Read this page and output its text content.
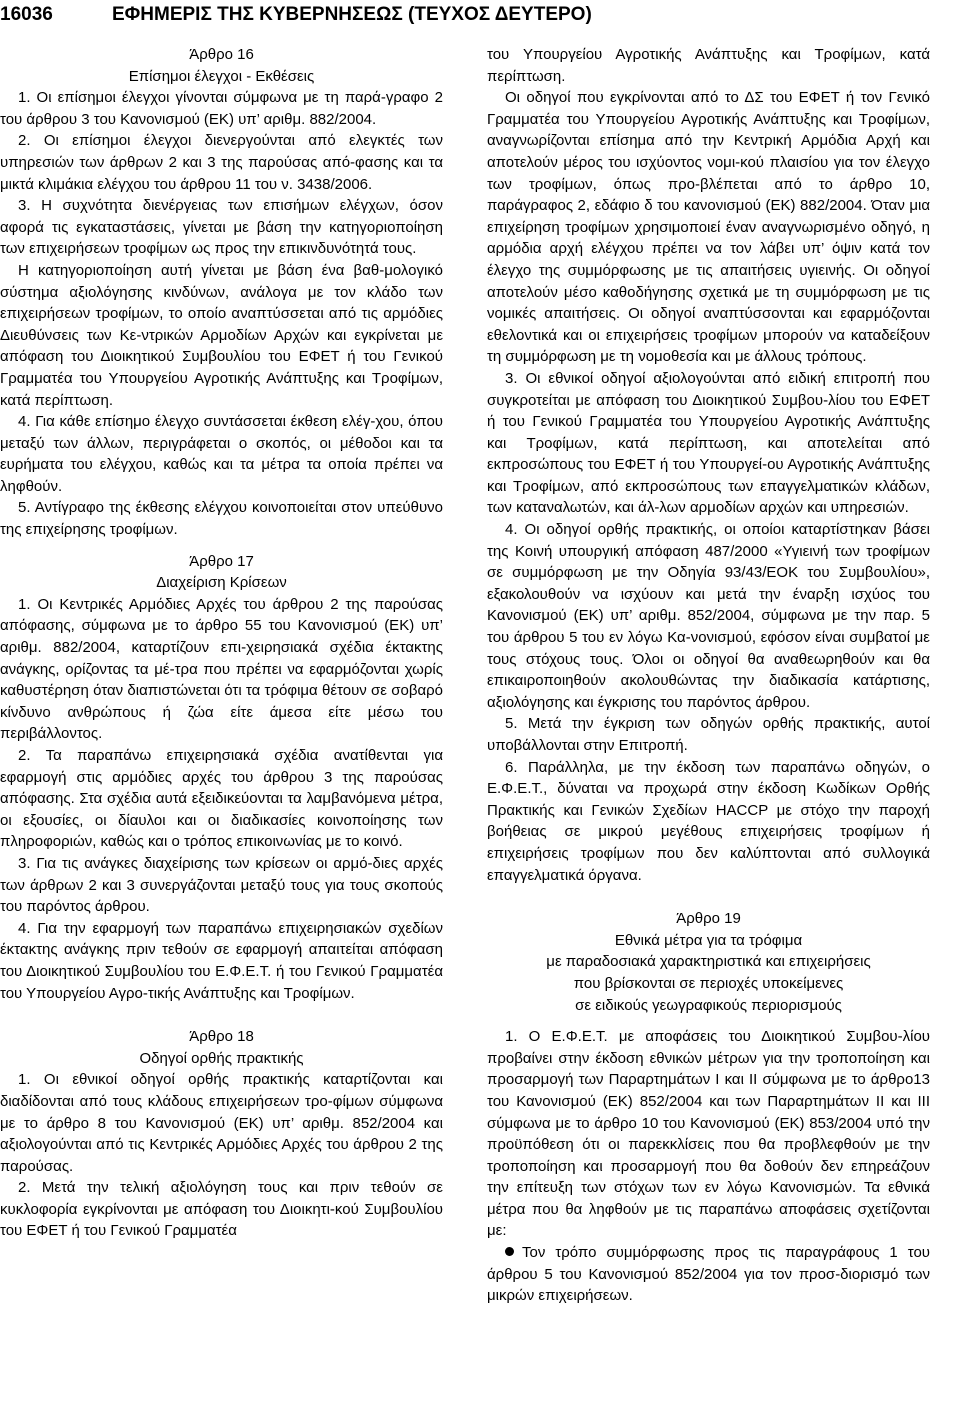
16036	ΕΦΗΜΕΡΙΣ ΤΗΣ ΚΥΒΕΡΝΗΣΕΩΣ (ΤΕΥΧΟΣ ΔΕΥΤΕΡΟ)
Άρθρο 16
Επίσημοι έλεγχοι - Εκθέσεις

1. Οι επίσημοι έλεγχοι γίνονται σύμφωνα με τη παρά-γραφο 2 του άρθρου 3 του Κανονισμού (ΕΚ) υπ’ αριθμ. 882/2004.

2. Οι επίσημοι έλεγχοι διενεργούνται από ελεγκτές των υπηρεσιών των άρθρων 2 και 3 της παρούσας από-φασης και τα μικτά κλιμάκια ελέγχου του άρθρου 11 του ν. 3438/2006.

3. Η συχνότητα διενέργειας των επισήμων ελέγχων, όσον αφορά τις εγκαταστάσεις, γίνεται με βάση την κατηγοριοποίηση των επιχειρήσεων τροφίμων ως προς την επικινδυνότητά τους.

Η κατηγοριοποίηση αυτή γίνεται με βάση ένα βαθ-μολογικό σύστημα αξιολόγησης κινδύνων, ανάλογα με τον κλάδο των επιχειρήσεων τροφίμων, το οποίο αναπτύσσεται από τις αρμόδιες Διευθύνσεις των Κε-ντρικών Αρμοδίων Αρχών και εγκρίνεται με απόφαση του Διοικητικού Συμβουλίου του ΕΦΕΤ ή του Γενικού Γραμματέα του Υπουργείου Αγροτικής Ανάπτυξης και Τροφίμων, κατά περίπτωση.

4. Για κάθε επίσημο έλεγχο συντάσσεται έκθεση ελέγ-χου, όπου μεταξύ των άλλων, περιγράφεται ο σκοπός, οι μέθοδοι και τα ευρήματα του ελέγχου, καθώς και τα μέτρα τα οποία πρέπει να ληφθούν.

5. Αντίγραφο της έκθεσης ελέγχου κοινοποιείται στον υπεύθυνο της επιχείρησης τροφίμων.

Άρθρο 17
Διαχείριση Κρίσεων

1. Οι Κεντρικές Αρμόδιες Αρχές του άρθρου 2 της παρούσας απόφασης, σύμφωνα με το άρθρο 55 του Κανονισμού (ΕΚ) υπ’ αριθμ. 882/2004, καταρτίζουν επι-χειρησιακά σχέδια έκτακτης ανάγκης, ορίζοντας τα μέ-τρα που πρέπει να εφαρμόζονται χωρίς καθυστέρηση όταν διαπιστώνεται ότι τα τρόφιμα θέτουν σε σοβαρό κίνδυνο ανθρώπους ή ζώα είτε άμεσα είτε μέσω του περιβάλλοντος.

2. Τα παραπάνω επιχειρησιακά σχέδια ανατίθενται για εφαρμογή στις αρμόδιες αρχές του άρθρου 3 της παρούσας απόφασης. Στα σχέδια αυτά εξειδικεύονται τα λαμβανόμενα μέτρα, οι εξουσίες, οι δίαυλοι και οι διαδικασίες κοινοποίησης των πληροφοριών, καθώς και ο τρόπος επικοινωνίας με το κοινό.

3. Για τις ανάγκες διαχείρισης των κρίσεων οι αρμό-διες αρχές των άρθρων 2 και 3 συνεργάζονται μεταξύ τους για τους σκοπούς του παρόντος άρθρου.

4. Για την εφαρμογή των παραπάνω επιχειρησιακών σχεδίων έκτακτης ανάγκης πριν τεθούν σε εφαρμογή απαιτείται απόφαση του Διοικητικού Συμβουλίου του Ε.Φ.Ε.Τ. ή του Γενικού Γραμματέα του Υπουργείου Αγρο-τικής Ανάπτυξης και Τροφίμων.

Άρθρο 18
Οδηγοί ορθής πρακτικής

1. Οι εθνικοί οδηγοί ορθής πρακτικής καταρτίζονται και διαδίδονται από τους κλάδους επιχειρήσεων τρο-φίμων σύμφωνα με το άρθρο 8 του Κανονισμού (ΕΚ) υπ’ αριθμ. 852/2004 και αξιολογούνται από τις Κεντρικές Αρμόδιες Αρχές του άρθρου 2 της παρούσας.

2. Μετά την τελική αξιολόγηση τους και πριν τεθούν σε κυκλοφορία εγκρίνονται με απόφαση του Διοικητι-κού Συμβουλίου του ΕΦΕΤ ή του Γενικού Γραμματέα

του Υπουργείου Αγροτικής Ανάπτυξης και Τροφίμων, κατά περίπτωση.

Οι οδηγοί που εγκρίνονται από το ΔΣ του ΕΦΕΤ ή τον Γενικό Γραμματέα του Υπουργείου Αγροτικής Ανάπτυξης και Τροφίμων, αναγνωρίζονται επίσημα από την Κεντρική Αρμόδια Αρχή και αποτελούν μέρος του ισχύοντος νομι-κού πλαισίου για τον έλεγχο των τροφίμων, όπως προ-βλέπεται από το άρθρο 10, παράγραφος 2, εδάφιο δ του κανονισμού (ΕΚ) 882/2004. Όταν μια επιχείρηση τροφίμων χρησιμοποιεί έναν αναγνωρισμένο οδηγό, η αρμόδια αρχή ελέγχου πρέπει να τον λάβει υπ’ όψιν κατά τον έλεγχο της συμμόρφωσης με τις απαιτήσεις υγιεινής. Οι οδηγοί αποτελούν μέσο καθοδήγησης σχετικά με τη συμμόρφωση με τις νομικές απαιτήσεις. Οι οδηγοί αναπτύσσονται και εφαρμόζονται εθελοντικά και οι επιχειρήσεις τροφίμων μπορούν να καταδείξουν τη συμμόρφωση με τη νομοθεσία και με άλλους τρόπους.

3. Οι εθνικοί οδηγοί αξιολογούνται από ειδική επιτροπή που συγκροτείται με απόφαση του Διοικητικού Συμβου-λίου του ΕΦΕΤ ή του Γενικού Γραμματέα του Υπουργείου Αγροτικής Ανάπτυξης και Τροφίμων, κατά περίπτωση, και αποτελείται από εκπροσώπους του ΕΦΕΤ ή του Υπουργεί-ου Αγροτικής Ανάπτυξης και Τροφίμων, από εκπροσώπους των επαγγελματικών κλάδων, των καταναλωτών, και άλ-λων αρμοδίων αρχών και υπηρεσιών.

4. Οι οδηγοί ορθής πρακτικής, οι οποίοι καταρτίστηκαν βάσει της Κοινή υπουργική απόφαση 487/2000 «Υγιεινή των τροφίμων σε συμμόρφωση με την Οδηγία 93/43/ΕΟΚ του Συμβουλίου», εξακολουθούν να ισχύουν και μετά την έναρξη ισχύος του Κανονισμού (ΕΚ) υπ’ αριθμ. 852/2004, σύμφωνα με την παρ. 5 του άρθρου 5 του εν λόγω Κα-νονισμού, εφόσον είναι συμβατοί με τους στόχους τους. Όλοι οι οδηγοί θα αναθεωρηθούν και θα επικαιροποιηθούν ακολουθώντας την διαδικασία κατάρτισης, αξιολόγησης και έγκρισης του παρόντος άρθρου.

5. Μετά την έγκριση των οδηγών ορθής πρακτικής, αυτοί υποβάλλονται στην Επιτροπή.

6. Παράλληλα, με την έκδοση των παραπάνω οδηγών, ο Ε.Φ.Ε.Τ., δύναται να προχωρά στην έκδοση Κωδίκων Ορθής Πρακτικής και Γενικών Σχεδίων HACCP με στόχο την παροχή βοήθειας σε μικρού μεγέθους επιχειρήσεις τροφίμων ή επιχειρήσεις τροφίμων που δεν καλύπτονται από συλλογικά επαγγελματικά όργανα.

Άρθρο 19
Εθνικά μέτρα για τα τρόφιμα
με παραδοσιακά χαρακτηριστικά και επιχειρήσεις
που βρίσκονται σε περιοχές υποκείμενες
σε ειδικούς γεωγραφικούς περιορισμούς

1. Ο Ε.Φ.Ε.Τ. με αποφάσεις του Διοικητικού Συμβου-λίου προβαίνει στην έκδοση εθνικών μέτρων για την τροποποίηση και προσαρμογή των Παραρτημάτων Ι και ΙΙ σύμφωνα με το άρθρο13 του Κανονισμού (ΕΚ) 852/2004 και των Παραρτημάτων ΙΙ και ΙΙΙ σύμφωνα με το άρθρο 10 του Κανονισμού (ΕΚ) 853/2004 υπό την προϋπόθεση ότι οι παρεκκλίσεις που θα προβλεφθούν με την τροποποίηση και προσαρμογή που θα δοθούν δεν επηρεάζουν την επίτευξη των στόχων των εν λόγω Κανονισμών. Τα εθνικά μέτρα που θα ληφθούν με τις παραπάνω αποφάσεις σχετίζονται με:

Τον τρόπο συμμόρφωσης προς τις παραγράφους 1 του άρθρου 5 του Κανονισμού 852/2004 για τον προσ-διορισμό των μικρών επιχειρήσεων.
